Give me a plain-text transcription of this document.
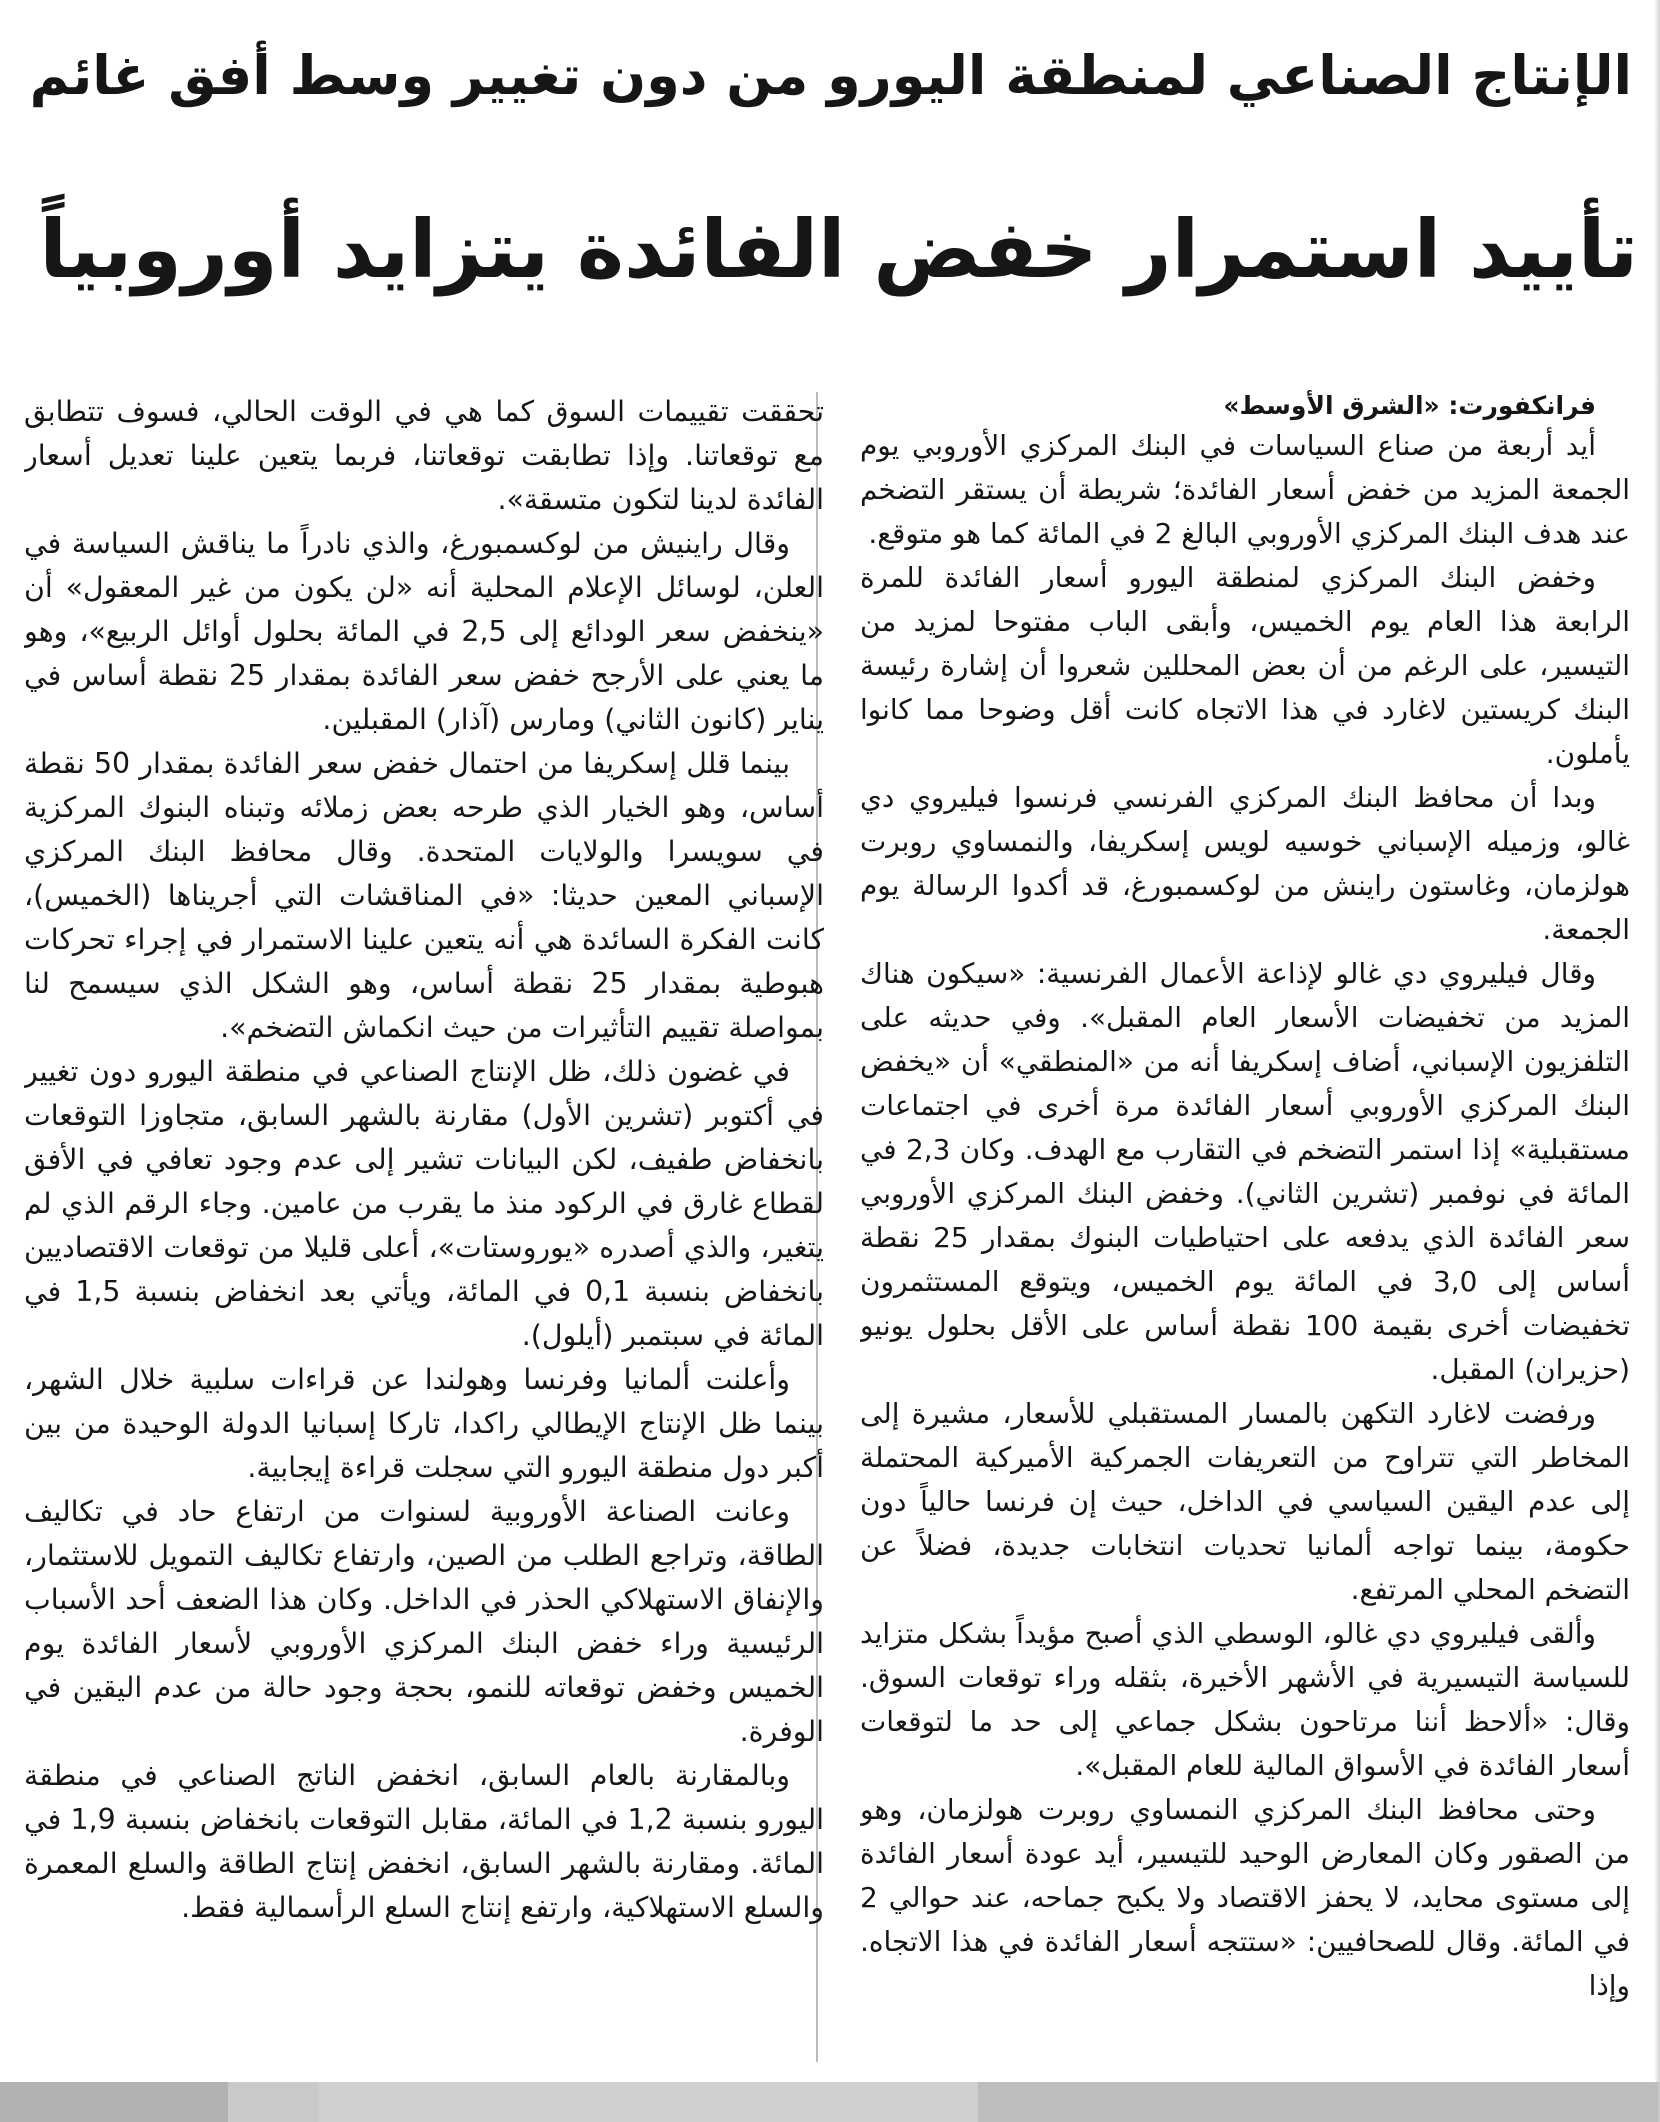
الإنتاج الصناعي لمنطقة اليورو من دون تغيير وسط أفق غائم
تأييد استمرار خفض الفائدة يتزايد أوروبياً

فرانكفورت: «الشرق الأوسط»

أيد أربعة من صناع السياسات في البنك المركزي الأوروبي يوم الجمعة المزيد من خفض أسعار الفائدة؛ شريطة أن يستقر التضخم عند هدف البنك المركزي الأوروبي البالغ 2 في المائة كما هو متوقع.

وخفض البنك المركزي لمنطقة اليورو أسعار الفائدة للمرة الرابعة هذا العام يوم الخميس، وأبقى الباب مفتوحا لمزيد من التيسير، على الرغم من أن بعض المحللين شعروا أن إشارة رئيسة البنك كريستين لاغارد في هذا الاتجاه كانت أقل وضوحا مما كانوا يأملون.

وبدا أن محافظ البنك المركزي الفرنسي فرنسوا فيليروي دي غالو، وزميله الإسباني خوسيه لويس إسكريفا، والنمساوي روبرت هولزمان، وغاستون راينش من لوكسمبورغ، قد أكدوا الرسالة يوم الجمعة.

وقال فيليروي دي غالو لإذاعة الأعمال الفرنسية: «سيكون هناك المزيد من تخفيضات الأسعار العام المقبل». وفي حديثه على التلفزيون الإسباني، أضاف إسكريفا أنه من «المنطقي» أن «يخفض البنك المركزي الأوروبي أسعار الفائدة مرة أخرى في اجتماعات مستقبلية» إذا استمر التضخم في التقارب مع الهدف. وكان 2,3 في المائة في نوفمبر (تشرين الثاني). وخفض البنك المركزي الأوروبي سعر الفائدة الذي يدفعه على احتياطيات البنوك بمقدار 25 نقطة أساس إلى 3,0 في المائة يوم الخميس، ويتوقع المستثمرون تخفيضات أخرى بقيمة 100 نقطة أساس على الأقل بحلول يونيو (حزيران) المقبل.

ورفضت لاغارد التكهن بالمسار المستقبلي للأسعار، مشيرة إلى المخاطر التي تتراوح من التعريفات الجمركية الأميركية المحتملة إلى عدم اليقين السياسي في الداخل، حيث إن فرنسا حالياً دون حكومة، بينما تواجه ألمانيا تحديات انتخابات جديدة، فضلاً عن التضخم المحلي المرتفع.

وألقى فيليروي دي غالو، الوسطي الذي أصبح مؤيداً بشكل متزايد للسياسة التيسيرية في الأشهر الأخيرة، بثقله وراء توقعات السوق. وقال: «ألاحظ أننا مرتاحون بشكل جماعي إلى حد ما لتوقعات أسعار الفائدة في الأسواق المالية للعام المقبل».

وحتى محافظ البنك المركزي النمساوي روبرت هولزمان، وهو من الصقور وكان المعارض الوحيد للتيسير، أيد عودة أسعار الفائدة إلى مستوى محايد، لا يحفز الاقتصاد ولا يكبح جماحه، عند حوالي 2 في المائة. وقال للصحافيين: «ستتجه أسعار الفائدة في هذا الاتجاه. وإذا

تحققت تقييمات السوق كما هي في الوقت الحالي، فسوف تتطابق مع توقعاتنا. وإذا تطابقت توقعاتنا، فربما يتعين علينا تعديل أسعار الفائدة لدينا لتكون متسقة».

وقال راينيش من لوكسمبورغ، والذي نادراً ما يناقش السياسة في العلن، لوسائل الإعلام المحلية أنه «لن يكون من غير المعقول» أن «ينخفض سعر الودائع إلى 2,5 في المائة بحلول أوائل الربيع»، وهو ما يعني على الأرجح خفض سعر الفائدة بمقدار 25 نقطة أساس في يناير (كانون الثاني) ومارس (آذار) المقبلين.

بينما قلل إسكريفا من احتمال خفض سعر الفائدة بمقدار 50 نقطة أساس، وهو الخيار الذي طرحه بعض زملائه وتبناه البنوك المركزية في سويسرا والولايات المتحدة. وقال محافظ البنك المركزي الإسباني المعين حديثا: «في المناقشات التي أجريناها (الخميس)، كانت الفكرة السائدة هي أنه يتعين علينا الاستمرار في إجراء تحركات هبوطية بمقدار 25 نقطة أساس، وهو الشكل الذي سيسمح لنا بمواصلة تقييم التأثيرات من حيث انكماش التضخم».

في غضون ذلك، ظل الإنتاج الصناعي في منطقة اليورو دون تغيير في أكتوبر (تشرين الأول) مقارنة بالشهر السابق، متجاوزا التوقعات بانخفاض طفيف، لكن البيانات تشير إلى عدم وجود تعافي في الأفق لقطاع غارق في الركود منذ ما يقرب من عامين. وجاء الرقم الذي لم يتغير، والذي أصدره «يوروستات»، أعلى قليلا من توقعات الاقتصاديين بانخفاض بنسبة 0,1 في المائة، ويأتي بعد انخفاض بنسبة 1,5 في المائة في سبتمبر (أيلول).

وأعلنت ألمانيا وفرنسا وهولندا عن قراءات سلبية خلال الشهر، بينما ظل الإنتاج الإيطالي راكدا، تاركا إسبانيا الدولة الوحيدة من بين أكبر دول منطقة اليورو التي سجلت قراءة إيجابية.

وعانت الصناعة الأوروبية لسنوات من ارتفاع حاد في تكاليف الطاقة، وتراجع الطلب من الصين، وارتفاع تكاليف التمويل للاستثمار، والإنفاق الاستهلاكي الحذر في الداخل. وكان هذا الضعف أحد الأسباب الرئيسية وراء خفض البنك المركزي الأوروبي لأسعار الفائدة يوم الخميس وخفض توقعاته للنمو، بحجة وجود حالة من عدم اليقين في الوفرة.

وبالمقارنة بالعام السابق، انخفض الناتج الصناعي في منطقة اليورو بنسبة 1,2 في المائة، مقابل التوقعات بانخفاض بنسبة 1,9 في المائة. ومقارنة بالشهر السابق، انخفض إنتاج الطاقة والسلع المعمرة والسلع الاستهلاكية، وارتفع إنتاج السلع الرأسمالية فقط.
